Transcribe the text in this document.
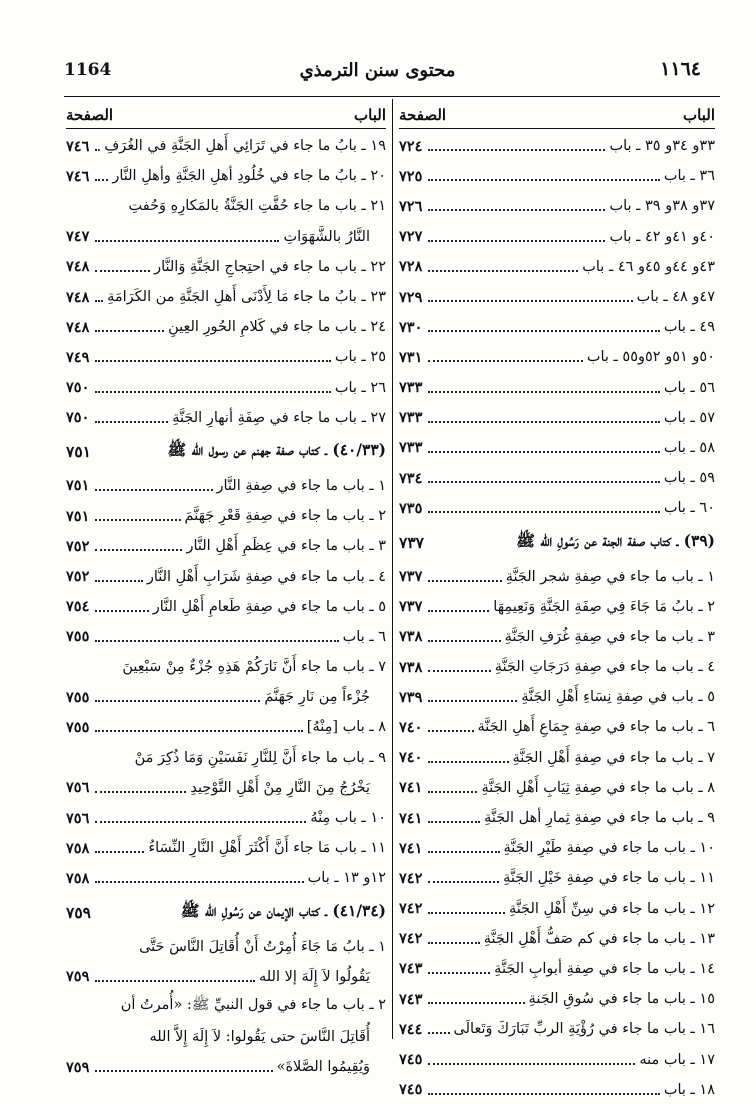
1164	محتوى سنن الترمذي	١١٦٤
الباب
الصفحة
٣٣و ٣٤و ٣٥ ـ باب
٧٢٤
٣٦ ـ باب
٧٢٥
٣٧و ٣٨و ٣٩ ـ باب
٧٢٦
٤٠و ٤١و ٤٢ ـ باب
٧٢٧
٤٣و ٤٤و ٤٥و ٤٦ ـ باب
٧٢٨
٤٧و ٤٨ ـ باب
٧٢٩
٤٩ ـ باب
٧٣٠
٥٠و ٥١و ٥٢و٥٥ ـ باب
٧٣١
٥٦ ـ باب
٧٣٣
٥٧ ـ باب
٧٣٣
٥٨ ـ باب
٧٣٣
٥٩ ـ باب
٧٣٤
٦٠ ـ باب
٧٣٥
(٣٩) ـ كتاب صفة الجنة عن رَسُولِ الله ﷺ
٧٣٧
١ ـ باب ما جاء في صِفةِ شجر الجَنَّةِ
٧٣٧
٢ ـ بابُ مَا جَاءَ فِي صِفَةِ الجَنَّةِ وَنَعِيمِهَا
٧٣٧
٣ ـ باب ما جاء في صِفةِ غُرَفِ الجَنَّةِ
٧٣٨
٤ ـ باب ما جاء في صِفةِ دَرَجَاتِ الجَنَّةِ
٧٣٨
٥ ـ باب في صِفةِ نِسَاءِ أَهْلِ الجَنَّةِ
٧٣٩
٦ ـ باب ما جاء في صِفةِ جِمَاعِ أَهلِ الجَنَّة
٧٤٠
٧ ـ باب ما جاء في صِفةِ أَهْلِ الجَنَّةِ
٧٤٠
٨ ـ باب ما جاء في صِفةِ ثِيَابِ أَهْلِ الجَنَّةِ
٧٤١
٩ ـ باب ما جاء في صِفةِ ثِمارِ أهل الجَنَّةِ
٧٤١
١٠ ـ باب ما جاء في صِفةِ طَيْرِ الجَنَّةِ
٧٤١
١١ ـ باب ما جاء في صِفةِ خَيْلِ الجَنَّةِ
٧٤٢
١٢ ـ باب ما جاء في سِنِّ أَهْلِ الجَنَّةِ
٧٤٢
١٣ ـ باب ما جاء في كم صَفُّ أَهْلِ الجَنَّةِ
٧٤٢
١٤ ـ باب ما جاء في صِفةِ أبوابِ الجَنَّةِ
٧٤٣
١٥ ـ باب ما جاء في سُوقِ الجَنةِ
٧٤٣
١٦ ـ باب ما جاء في رُؤْيَةِ الربِّ تَبَارَكَ وَتَعالَى
٧٤٤
١٧ ـ باب منه
٧٤٥
١٨ ـ باب
٧٤٥
الباب
الصفحة
١٩ ـ بابُ ما جاء في تَرَائِي أَهلِ الجَنَّةِ في الغُرَفِ
٧٤٦
٢٠ ـ بابُ ما جاء في خُلُودِ أهلِ الجَنَّةِ وأهلِ النَّار
٧٤٦
٢١ ـ باب ما جاء حُفَّتِ الجَنَّةُ بالمَكارِهِ وَحُفتِ
النَّارُ بالشَّهَوَاتِ
٧٤٧
٢٢ ـ باب ما جاء في احتِجاجِ الجَنَّةِ وَالنَّار
٧٤٨
٢٣ ـ بابُ ما جاء مَا لِأَدْنَى أَهلِ الجَنَّةِ من الكَرَامَةِ
٧٤٨
٢٤ ـ باب ما جاء في كَلامِ الحُورِ العِينِ
٧٤٨
٢٥ ـ باب
٧٤٩
٢٦ ـ باب
٧٥٠
٢٧ ـ باب ما جاء في صِفَةِ أنهارِ الجَنَّةِ
٧٥٠
(٤٠/٣٣) ـ كتاب صفة جهنم عن رسول الله ﷺ
٧٥١
١ ـ باب ما جاء في صِفةِ النَّار
٧٥١
٢ ـ باب ما جاء في صِفةِ قَعْرِ جَهَنَّمَ
٧٥١
٣ ـ باب ما جاء في عِظَمِ أَهْلِ النَّار
٧٥٢
٤ ـ باب ما جاء في صِفةِ شَرَابِ أَهْلِ النَّار
٧٥٢
٥ ـ باب ما جاء في صِفةِ طَعامِ أَهْلِ النَّار
٧٥٤
٦ ـ باب
٧٥٥
٧ ـ باب ما جاء أَنَّ نَارَكُمْ هَذِهِ جُزْءٌ مِنْ سَبْعِينَ
جُزْءاً مِن نَارِ جَهَنَّمَ
٧٥٥
٨ ـ باب [مِنْهُ]
٧٥٥
٩ ـ باب ما جاء أَنَّ لِلنَّارِ نَفَسَيْنِ وَمَا ذُكِرَ مَنْ
يَخْرُجُ مِنَ النَّارِ مِنْ أَهْلِ التَّوْحِيدِ
٧٥٦
١٠ ـ باب مِنْهُ
٧٥٦
١١ ـ باب مَا جاء أَنَّ أَكْثَرَ أَهْلِ النَّارِ النِّسَاءُ
٧٥٨
١٢و ١٣ ـ باب
٧٥٨
(٤١/٣٤) ـ كتاب الإيمان عن رَسُولِ الله ﷺ
٧٥٩
١ ـ بابُ مَا جَاءَ أُمِرْتُ أَنْ أُقَاتِلَ النَّاسَ حَتَّى
يَقُولُوا لاَ إِلَهَ إلا الله
٧٥٩
٢ ـ باب ما جاء في قول النبيِّ ﷺ: «أُمرتُ أن
أُقَاتِلَ النَّاسَ حتى يَقُولوا: لاَ إِلَهَ إِلاَّ الله
وَيُقِيمُوا الصَّلاةَ»
٧٥٩
